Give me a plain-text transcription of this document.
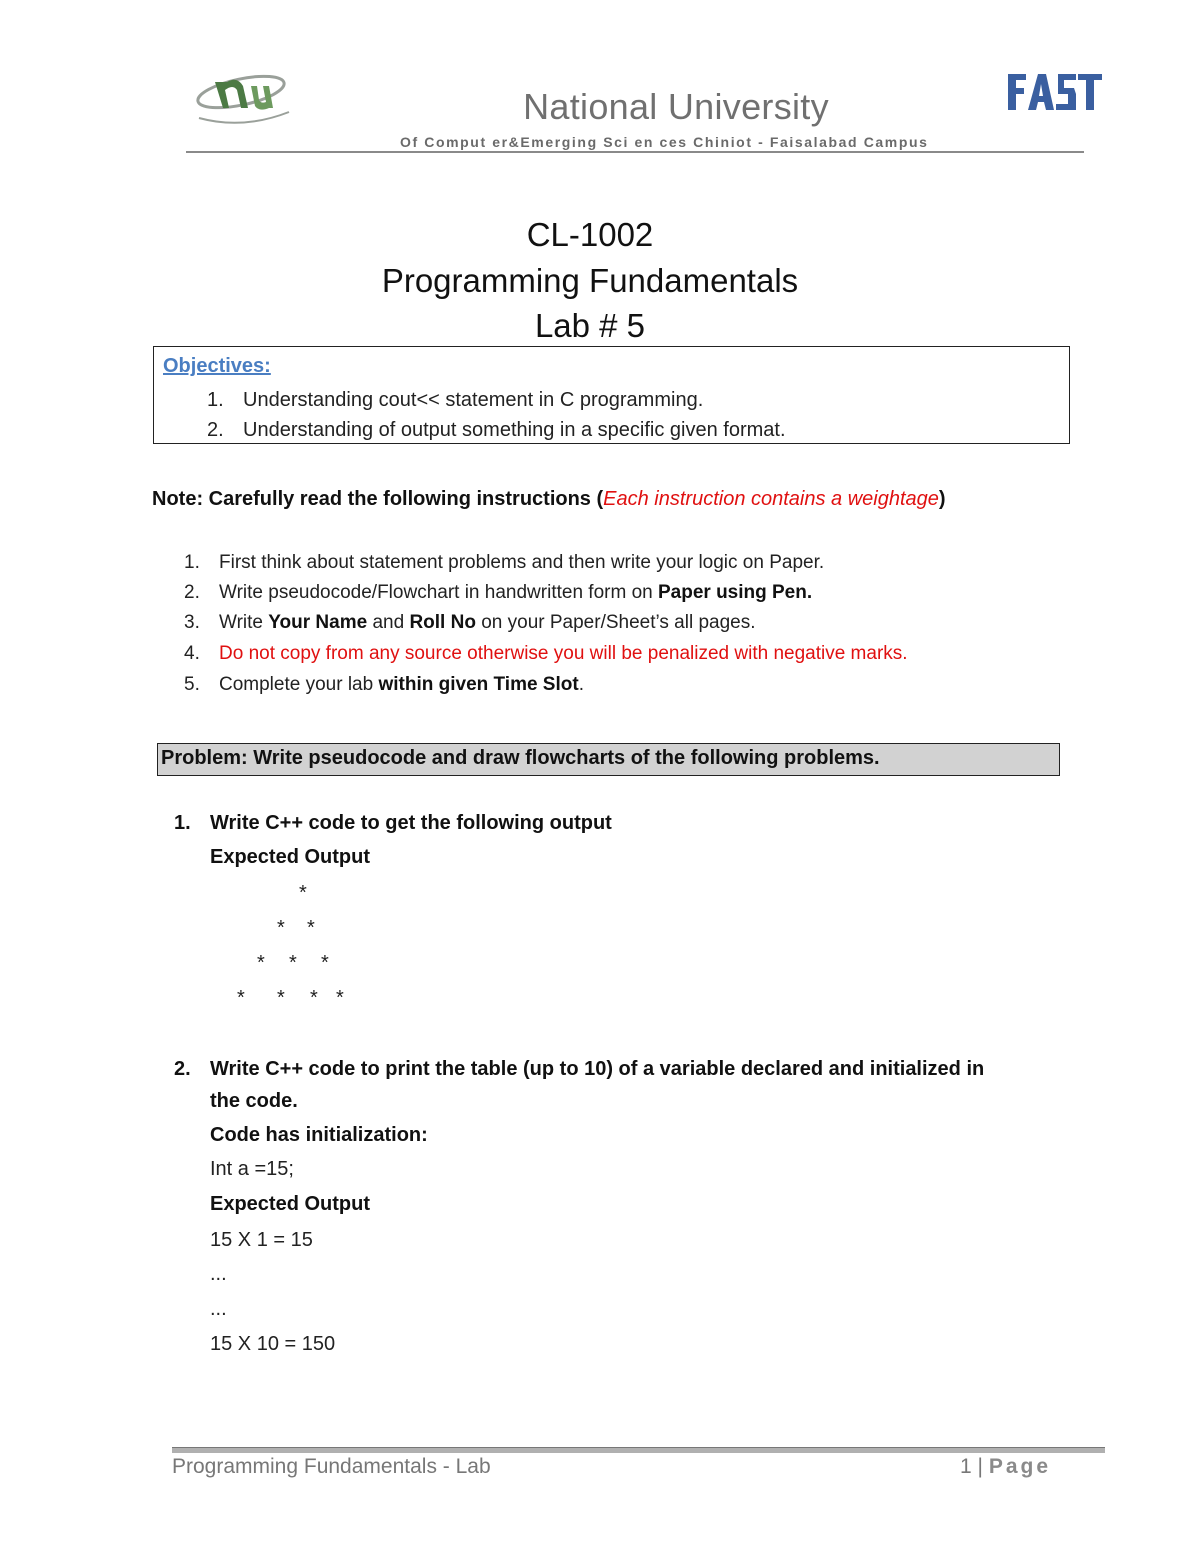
National University
Of Comput er&Emerging Sci en ces Chiniot - Faisalabad Campus
CL-1002
Programming Fundamentals
Lab # 5
Objectives:
1. Understanding cout<< statement in C programming.
2. Understanding of output something in a specific given format.
Note: Carefully read the following instructions (Each instruction contains a weightage)
1. First think about statement problems and then write your logic on Paper.
2. Write pseudocode/Flowchart in handwritten form on Paper using Pen.
3. Write Your Name and Roll No on your Paper/Sheet’s all pages.
4. Do not copy from any source otherwise you will be penalized with negative marks.
5. Complete your lab within given Time Slot.
Problem: Write pseudocode and draw flowcharts of the following problems.
1. Write C++ code to get the following output
Expected Output
*
* *
* * *
* * * *
2. Write C++ code to print the table (up to 10) of a variable declared and initialized in
the code.
Code has initialization:
Int a =15;
Expected Output
15 X 1 = 15
...
...
15 X 10 = 150
Programming Fundamentals - Lab	1 | Page
